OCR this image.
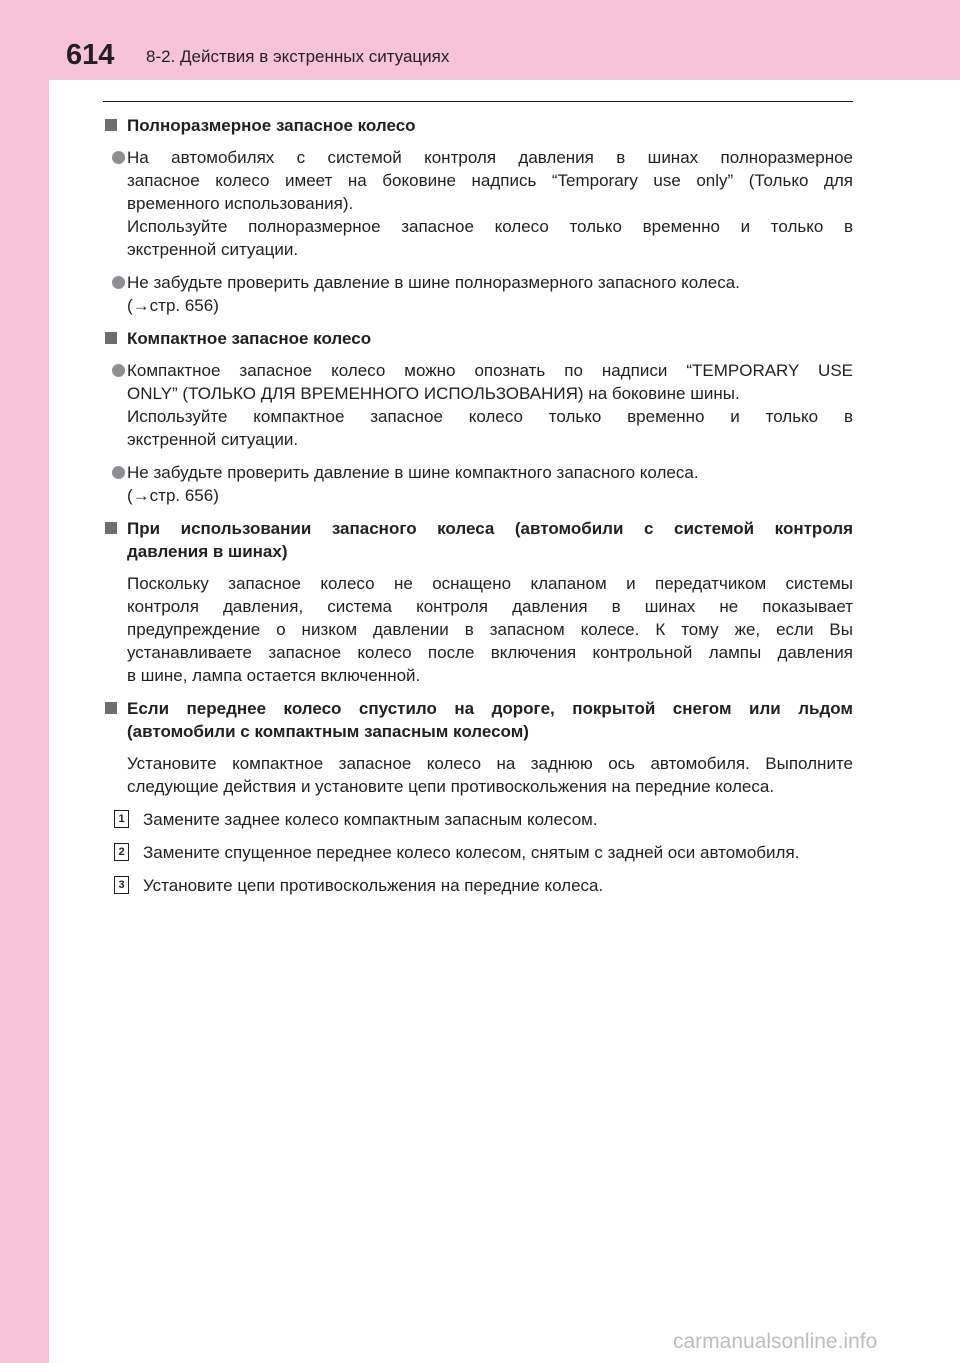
614 8-2. Действия в экстренных ситуациях
Полноразмерное запасное колесо
На автомобилях с системой контроля давления в шинах полноразмерное
запасное колесо имеет на боковине надпись “Temporary use only” (Только для
временного использования).
Используйте полноразмерное запасное колесо только временно и только в
экстренной ситуации.
Не забудьте проверить давление в шине полноразмерного запасного колеса.
(→стр. 656)
Компактное запасное колесо
Компактное запасное колесо можно опознать по надписи “TEMPORARY USE
ONLY” (ТОЛЬКО ДЛЯ ВРЕМЕННОГО ИСПОЛЬЗОВАНИЯ) на боковине шины.
Используйте компактное запасное колесо только временно и только в
экстренной ситуации.
Не забудьте проверить давление в шине компактного запасного колеса.
(→стр. 656)
При использовании запасного колеса (автомобили с системой контроля
давления в шинах)
Поскольку запасное колесо не оснащено клапаном и передатчиком системы
контроля давления, система контроля давления в шинах не показывает
предупреждение о низком давлении в запасном колесе. К тому же, если Вы
устанавливаете запасное колесо после включения контрольной лампы давления
в шине, лампа остается включенной.
Если переднее колесо спустило на дороге, покрытой снегом или льдом
(автомобили с компактным запасным колесом)
Установите компактное запасное колесо на заднюю ось автомобиля. Выполните
следующие действия и установите цепи противоскольжения на передние колеса.
1 Замените заднее колесо компактным запасным колесом.
2 Замените спущенное переднее колесо колесом, снятым с задней оси автомобиля.
3 Установите цепи противоскольжения на передние колеса.
carmanualsonline.info
